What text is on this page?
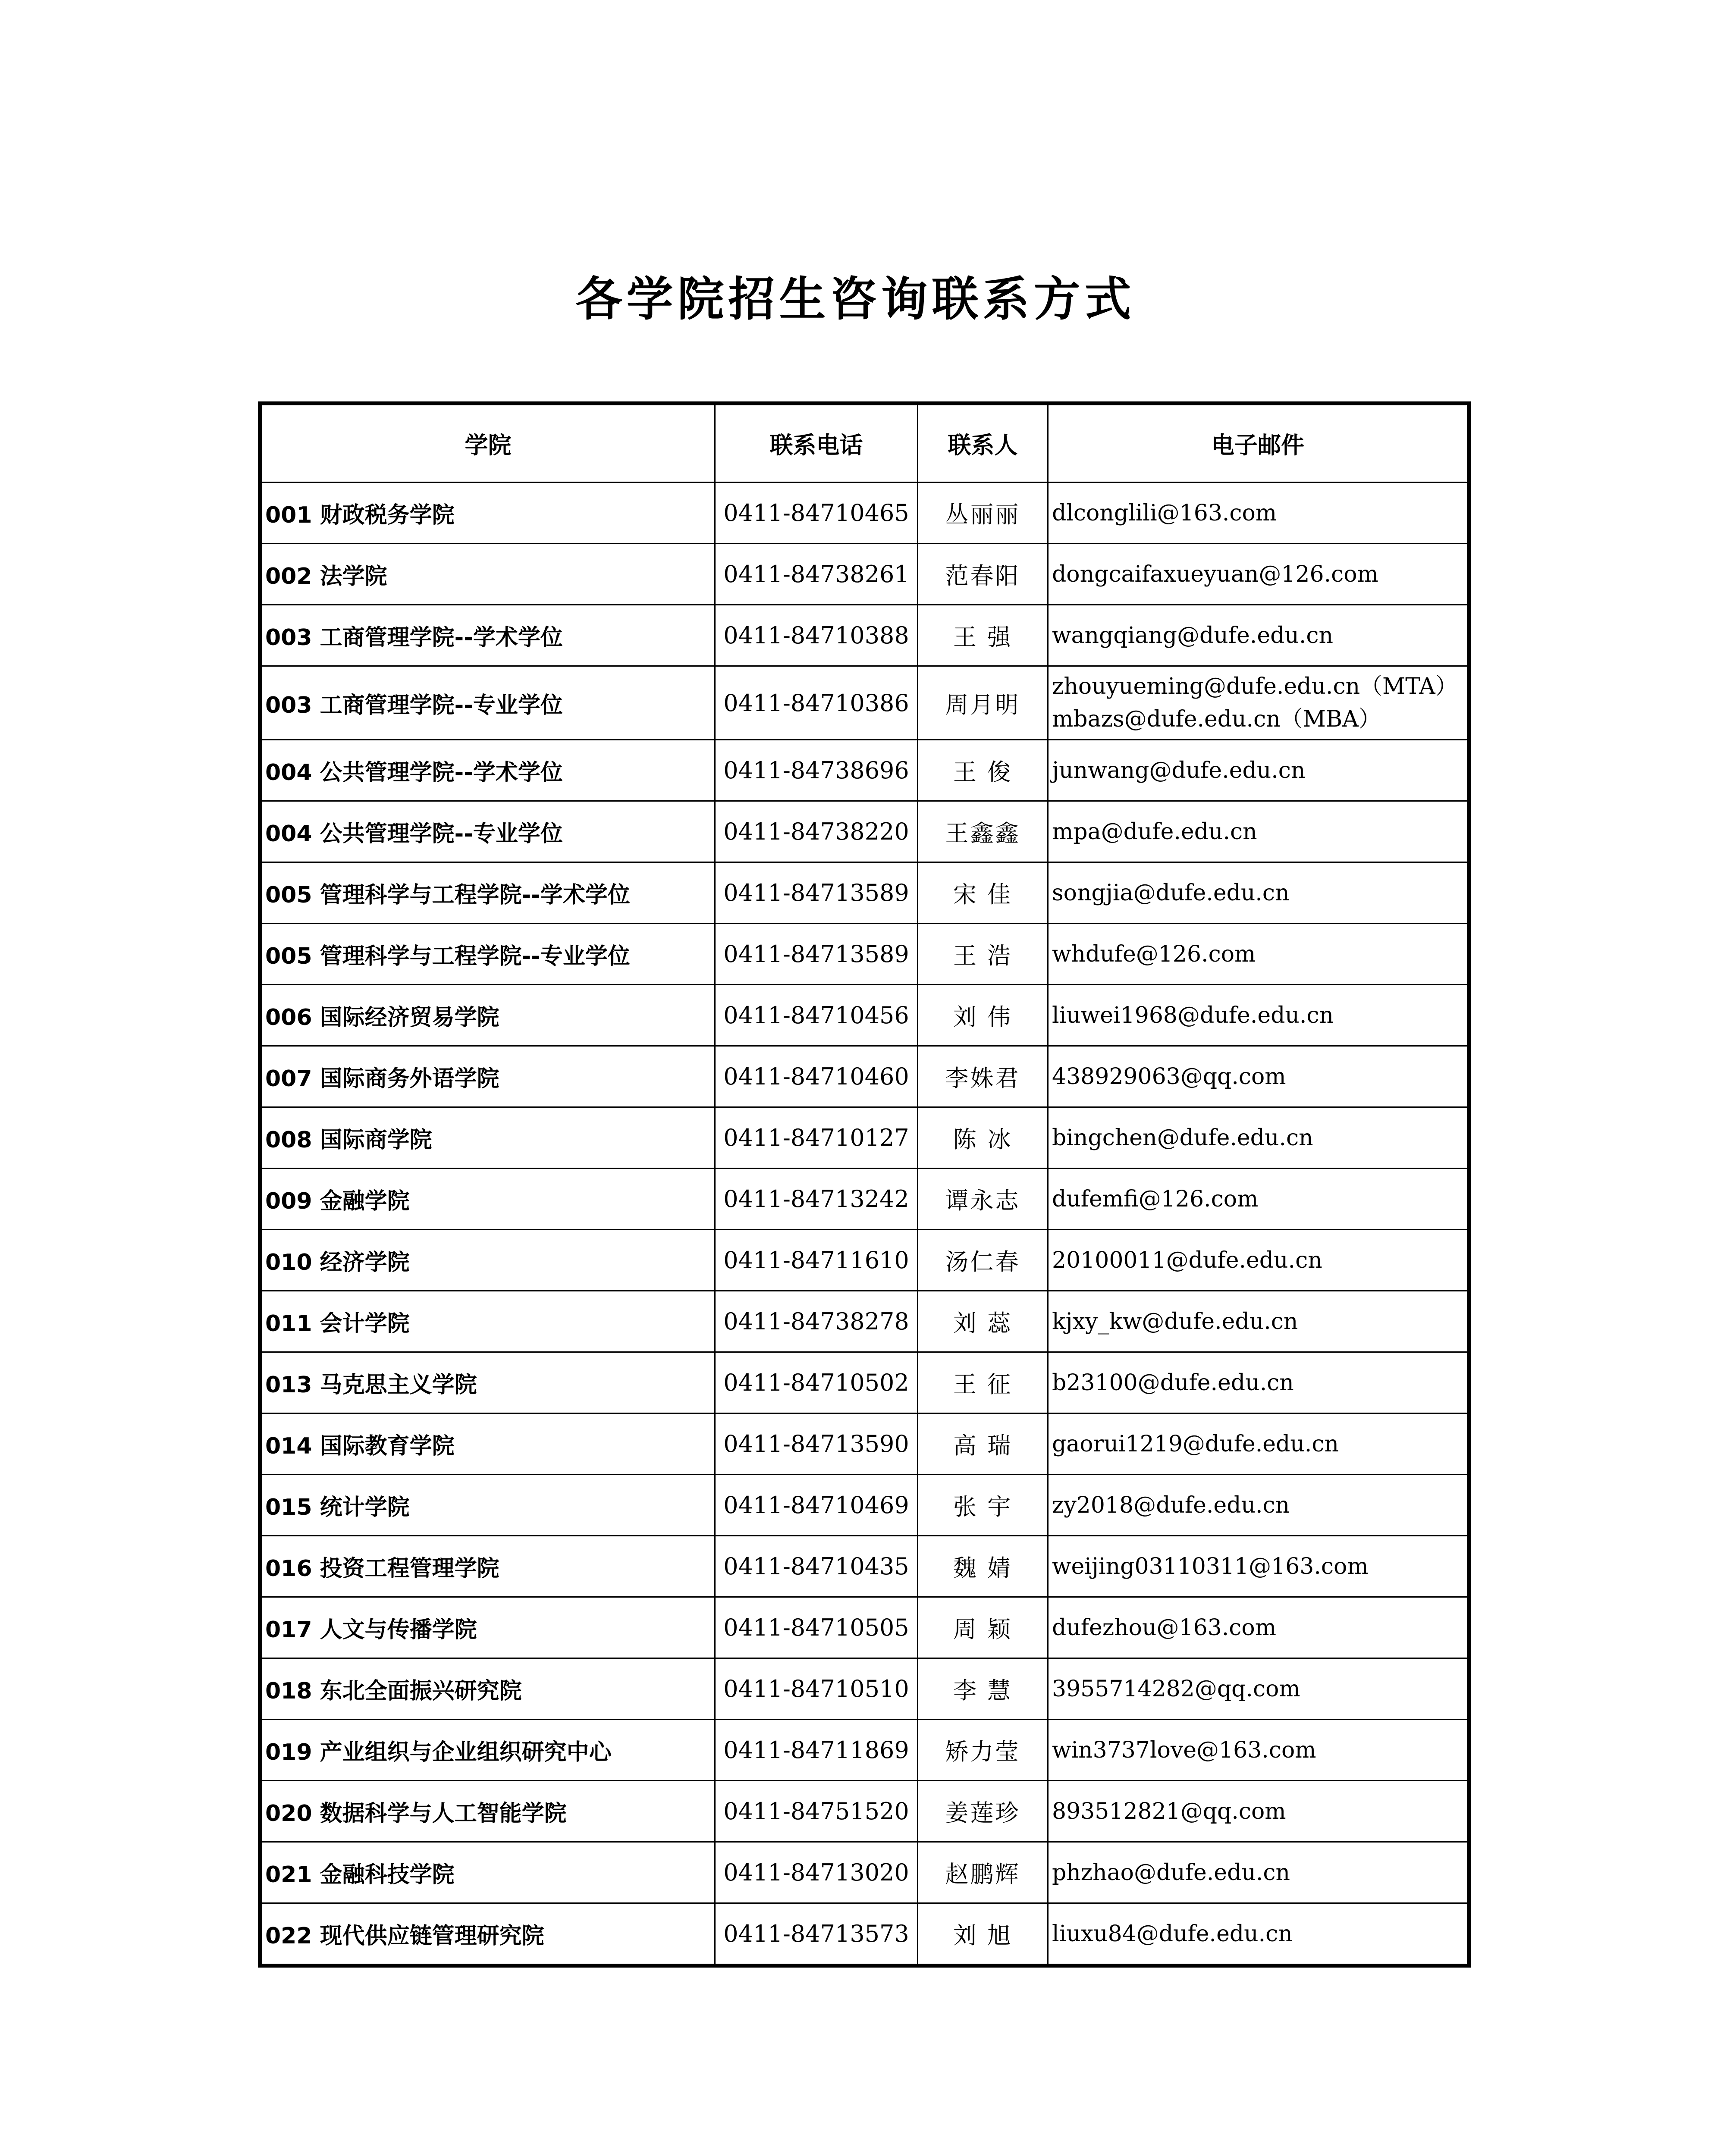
各学院招生咨询联系方式
学院	联系电话	联系人	电子邮件
001 财政税务学院	0411-84710465	丛丽丽	dlconglili@163.com
002 法学院	0411-84738261	范春阳	dongcaifaxueyuan@126.com
003 工商管理学院--学术学位	0411-84710388	王 强	wangqiang@dufe.edu.cn
003 工商管理学院--专业学位	0411-84710386	周月明	zhouyueming@dufe.edu.cn（MTA）
mbazs@dufe.edu.cn（MBA）

004 公共管理学院--学术学位	0411-84738696	王 俊	junwang@dufe.edu.cn
004 公共管理学院--专业学位	0411-84738220	王鑫鑫	mpa@dufe.edu.cn
005 管理科学与工程学院--学术学位	0411-84713589	宋 佳	songjia@dufe.edu.cn
005 管理科学与工程学院--专业学位	0411-84713589	王 浩	whdufe@126.com
006 国际经济贸易学院	0411-84710456	刘 伟	liuwei1968@dufe.edu.cn
007 国际商务外语学院	0411-84710460	李姝君	438929063@qq.com
008 国际商学院	0411-84710127	陈 冰	bingchen@dufe.edu.cn
009 金融学院	0411-84713242	谭永志	dufemfi@126.com
010 经济学院	0411-84711610	汤仁春	20100011@dufe.edu.cn
011 会计学院	0411-84738278	刘 蕊	kjxy_kw@dufe.edu.cn
013 马克思主义学院	0411-84710502	王 征	b23100@dufe.edu.cn
014 国际教育学院	0411-84713590	高 瑞	gaorui1219@dufe.edu.cn
015 统计学院	0411-84710469	张 宇	zy2018@dufe.edu.cn
016 投资工程管理学院	0411-84710435	魏 婧	weijing03110311@163.com
017 人文与传播学院	0411-84710505	周 颖	dufezhou@163.com
018 东北全面振兴研究院	0411-84710510	李 慧	3955714282@qq.com
019 产业组织与企业组织研究中心	0411-84711869	矫力莹	win3737love@163.com
020 数据科学与人工智能学院	0411-84751520	姜莲珍	893512821@qq.com
021 金融科技学院	0411-84713020	赵鹏辉	phzhao@dufe.edu.cn
022 现代供应链管理研究院	0411-84713573	刘 旭	liuxu84@dufe.edu.cn
